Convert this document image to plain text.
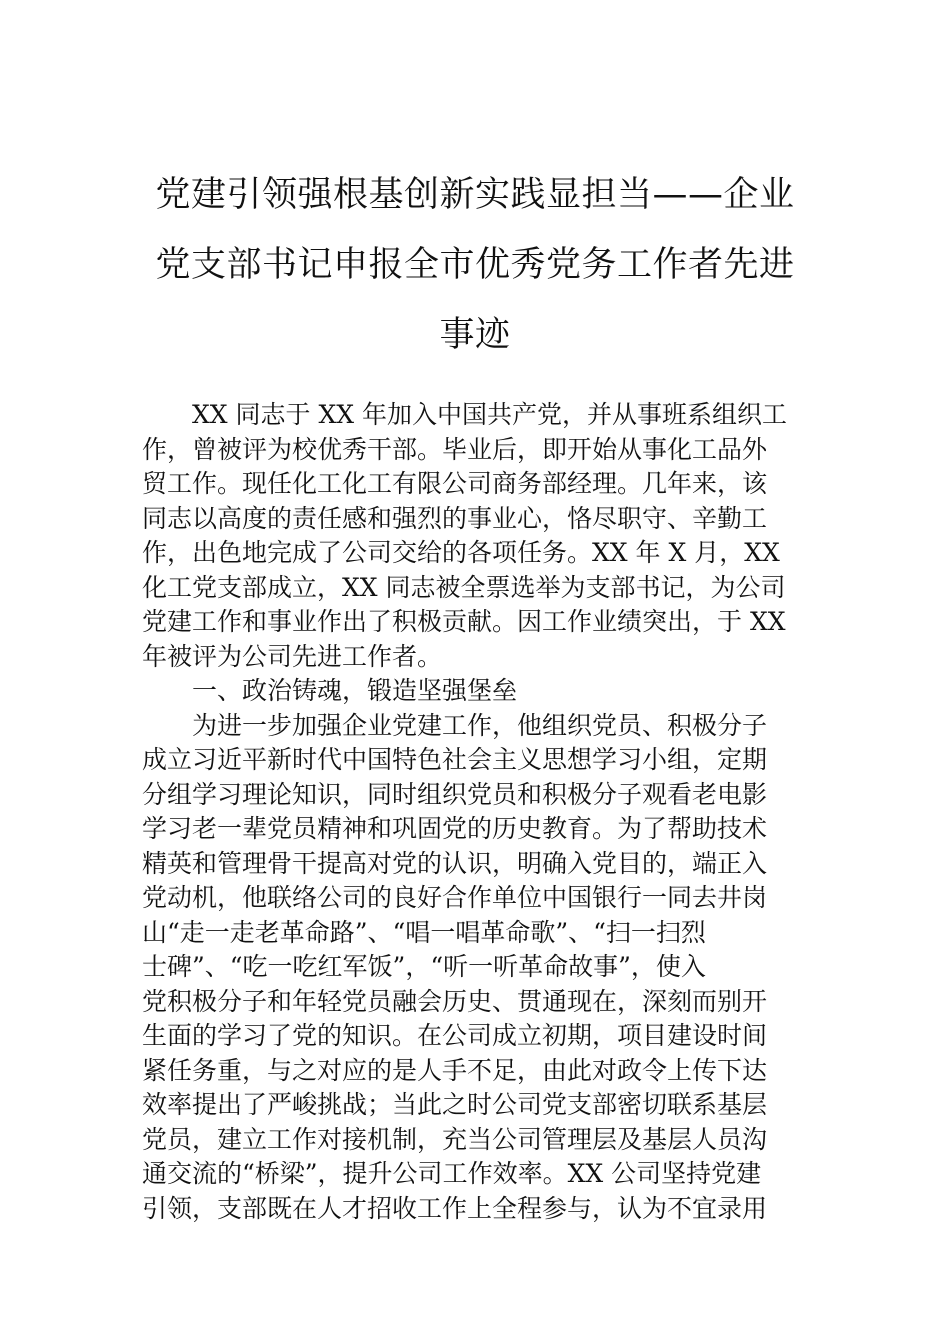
党建引领强根基创新实践显担当——企业
党支部书记申报全市优秀党务工作者先进
事迹
XX 同志于 XX 年加入中国共产党，并从事班系组织工
作，曾被评为校优秀干部。毕业后，即开始从事化工品外
贸工作。现任化工化工有限公司商务部经理。几年来，该
同志以高度的责任感和强烈的事业心，恪尽职守、辛勤工
作，出色地完成了公司交给的各项任务。XX 年 X 月，XX
化工党支部成立，XX 同志被全票选举为支部书记，为公司
党建工作和事业作出了积极贡献。因工作业绩突出，于 XX
年被评为公司先进工作者。
一、政治铸魂，锻造坚强堡垒
为进一步加强企业党建工作，他组织党员、积极分子
成立习近平新时代中国特色社会主义思想学习小组，定期
分组学习理论知识，同时组织党员和积极分子观看老电影
学习老一辈党员精神和巩固党的历史教育。为了帮助技术
精英和管理骨干提高对党的认识，明确入党目的，端正入
党动机，他联络公司的良好合作单位中国银行一同去井岗
山“走一走老革命路”、“唱一唱革命歌”、“扫一扫烈
士碑”、“吃一吃红军饭”，“听一听革命故事”，使入
党积极分子和年轻党员融会历史、贯通现在，深刻而别开
生面的学习了党的知识。在公司成立初期，项目建设时间
紧任务重，与之对应的是人手不足，由此对政令上传下达
效率提出了严峻挑战；当此之时公司党支部密切联系基层
党员，建立工作对接机制，充当公司管理层及基层人员沟
通交流的“桥梁”，提升公司工作效率。XX 公司坚持党建
引领，支部既在人才招收工作上全程参与，认为不宜录用
